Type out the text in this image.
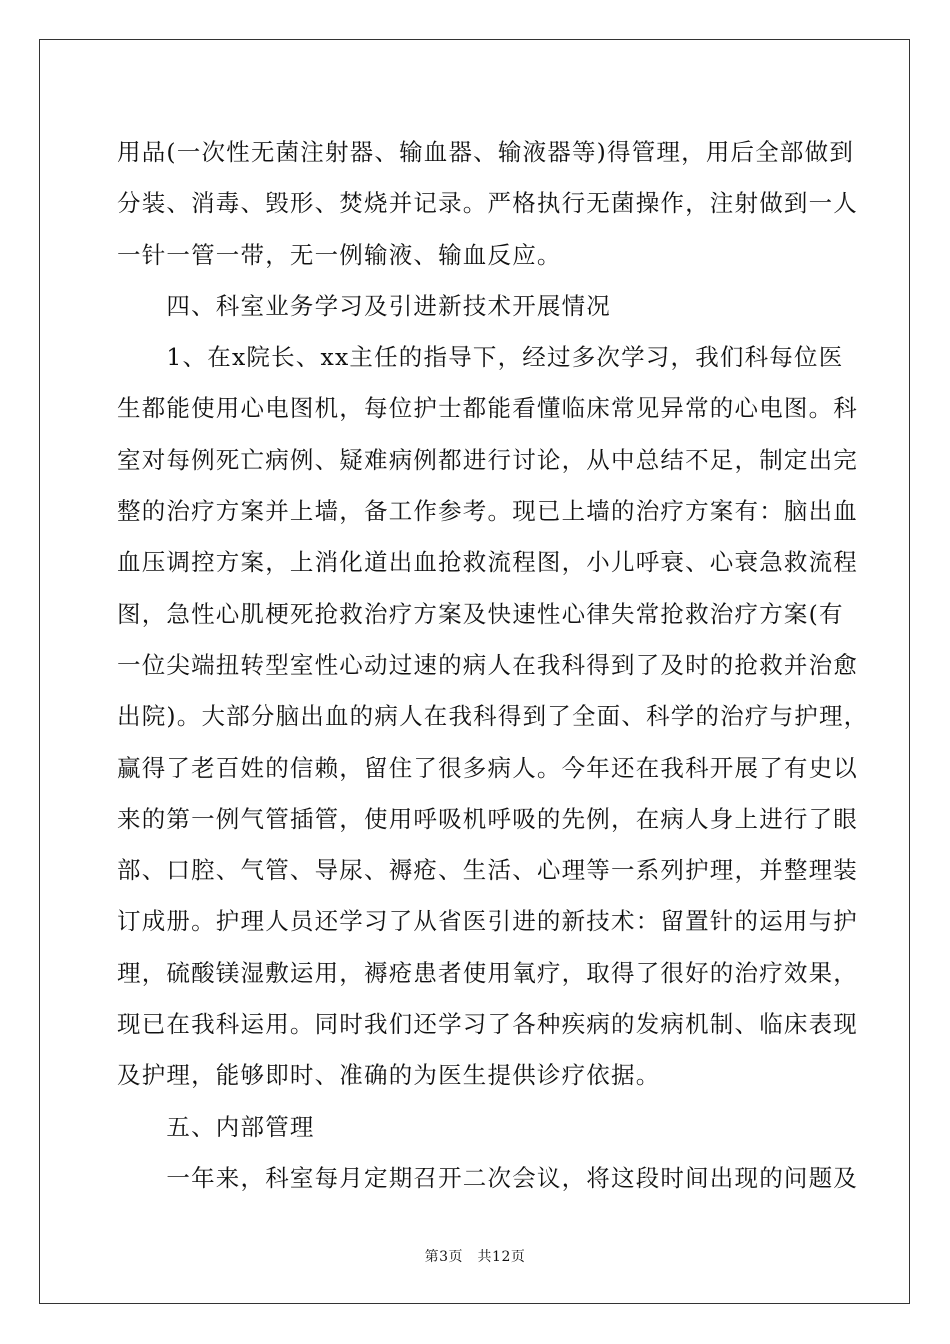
用品(一次性无菌注射器、输血器、输液器等)得管理，用后全部做到
分装、消毒、毁形、焚烧并记录。严格执行无菌操作，注射做到一人
一针一管一带，无一例输液、输血反应。
　　四、科室业务学习及引进新技术开展情况
　　1、在x院长、xx主任的指导下，经过多次学习，我们科每位医
生都能使用心电图机，每位护士都能看懂临床常见异常的心电图。科
室对每例死亡病例、疑难病例都进行讨论，从中总结不足，制定出完
整的治疗方案并上墙，备工作参考。现已上墙的治疗方案有：脑出血
血压调控方案，上消化道出血抢救流程图，小儿呼衰、心衰急救流程
图，急性心肌梗死抢救治疗方案及快速性心律失常抢救治疗方案(有
一位尖端扭转型室性心动过速的病人在我科得到了及时的抢救并治愈
出院)。大部分脑出血的病人在我科得到了全面、科学的治疗与护理，
赢得了老百姓的信赖，留住了很多病人。今年还在我科开展了有史以
来的第一例气管插管，使用呼吸机呼吸的先例，在病人身上进行了眼
部、口腔、气管、导尿、褥疮、生活、心理等一系列护理，并整理装
订成册。护理人员还学习了从省医引进的新技术：留置针的运用与护
理，硫酸镁湿敷运用，褥疮患者使用氧疗，取得了很好的治疗效果，
现已在我科运用。同时我们还学习了各种疾病的发病机制、临床表现
及护理，能够即时、准确的为医生提供诊疗依据。
　　五、内部管理
　　一年来，科室每月定期召开二次会议，将这段时间出现的问题及
第3页　共12页
